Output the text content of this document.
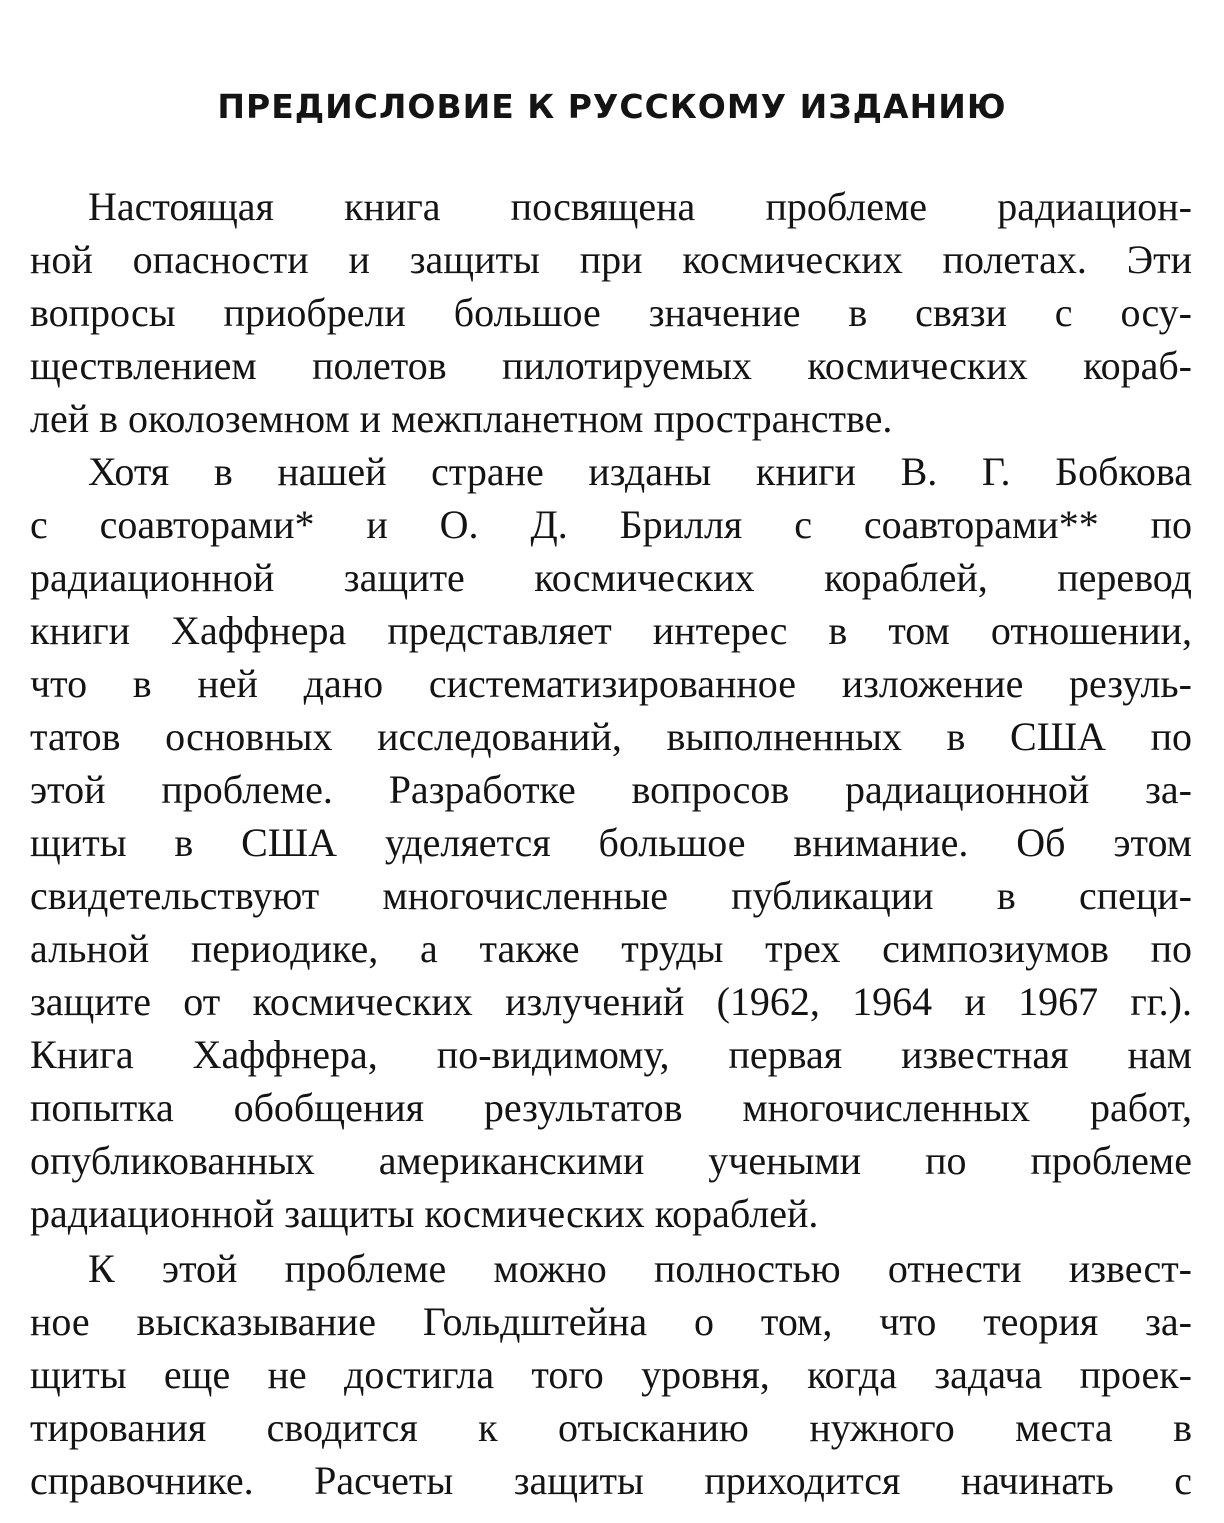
ПРЕДИСЛОВИЕ К РУССКОМУ ИЗДАНИЮ
Настоящая книга посвящена проблеме радиацион-
ной опасности и защиты при космических полетах. Эти
вопросы приобрели большое значение в связи с осу-
ществлением полетов пилотируемых космических кораб-
лей в околоземном и межпланетном пространстве.
Хотя в нашей стране изданы книги В. Г. Бобкова
с соавторами* и О. Д. Брилля с соавторами** по
радиационной защите космических кораблей, перевод
книги Хаффнера представляет интерес в том отношении,
что в ней дано систематизированное изложение резуль-
татов основных исследований, выполненных в США по
этой проблеме. Разработке вопросов радиационной за-
щиты в США уделяется большое внимание. Об этом
свидетельствуют многочисленные публикации в специ-
альной периодике, а также труды трех симпозиумов по
защите от космических излучений (1962, 1964 и 1967 гг.).
Книга Хаффнера, по-видимому, первая известная нам
попытка обобщения результатов многочисленных работ,
опубликованных американскими учеными по проблеме
радиационной защиты космических кораблей.
К этой проблеме можно полностью отнести извест-
ное высказывание Гольдштейна о том, что теория за-
щиты еще не достигла того уровня, когда задача проек-
тирования сводится к отысканию нужного места в
справочнике. Расчеты защиты приходится начинать с
